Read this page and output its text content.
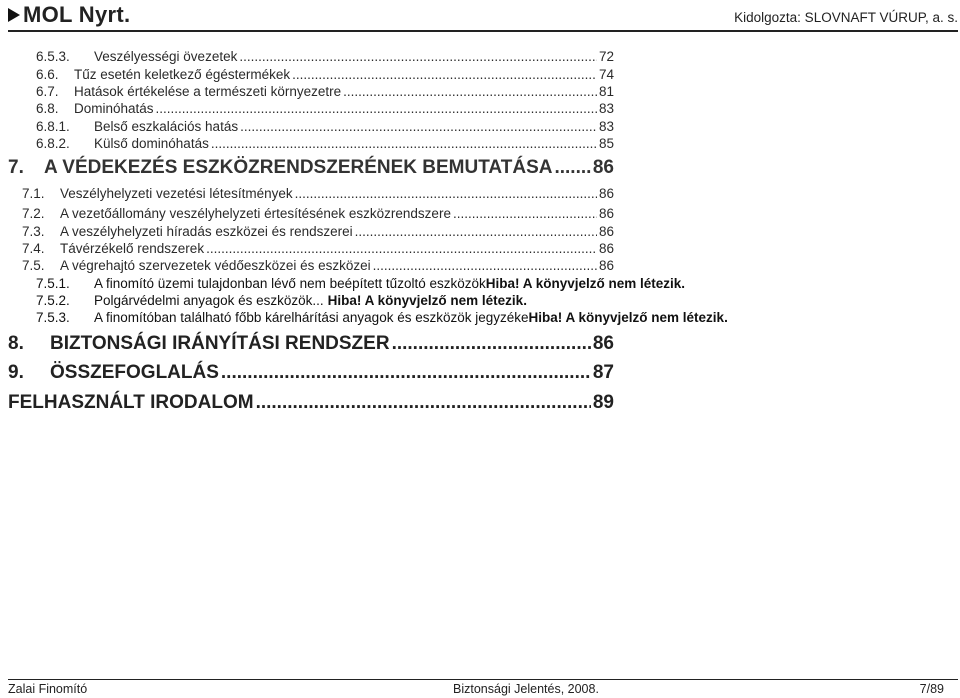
MOL Nyrt.	Kidolgozta: SLOVNAFT VÚRUP, a. s.
6.5.3.	Veszélyességi övezetek .....	72
6.6.	Tűz esetén keletkező égéstermékek .....	74
6.7.	Hatások értékelése a természeti környezetre .....	81
6.8.	Dominóhatás .....	83
6.8.1.	Belső eszkalációs hatás .....	83
6.8.2.	Külső dominóhatás .....	85
7.	A VÉDEKEZÉS ESZKÖZRENDSZERÉNEK BEMUTATÁSA ..... 86
7.1.	Veszélyhelyzeti vezetési létesítmények .....	86
7.2.	A vezetőállomány veszélyhelyzeti értesítésének eszközrendszere .....	86
7.3.	A veszélyhelyzeti híradás eszközei és rendszerei .....	86
7.4.	Távérzékelő rendszerek .....	86
7.5.	A végrehajtó szervezetek védőeszközei és eszközei .....	86
7.5.1.	A finomító üzemi tulajdonban lévő nem beépített tűzoltó eszközök Hiba! A könyvjelző nem létezik.
7.5.2.	Polgárvédelmi anyagok és eszközök ... Hiba! A könyvjelző nem létezik.
7.5.3.	A finomítóban található főbb kárelhárítási anyagok és eszközök jegyzéke Hiba! A könyvjelző nem létezik.
8.	BIZTONSÁGI IRÁNYÍTÁSI RENDSZER .....	86
9.	ÖSSZEFOGLALÁS .....	87
FELHASZNÁLT IRODALOM .....	89
Zalai Finomító	Biztonsági Jelentés, 2008.	7/89
